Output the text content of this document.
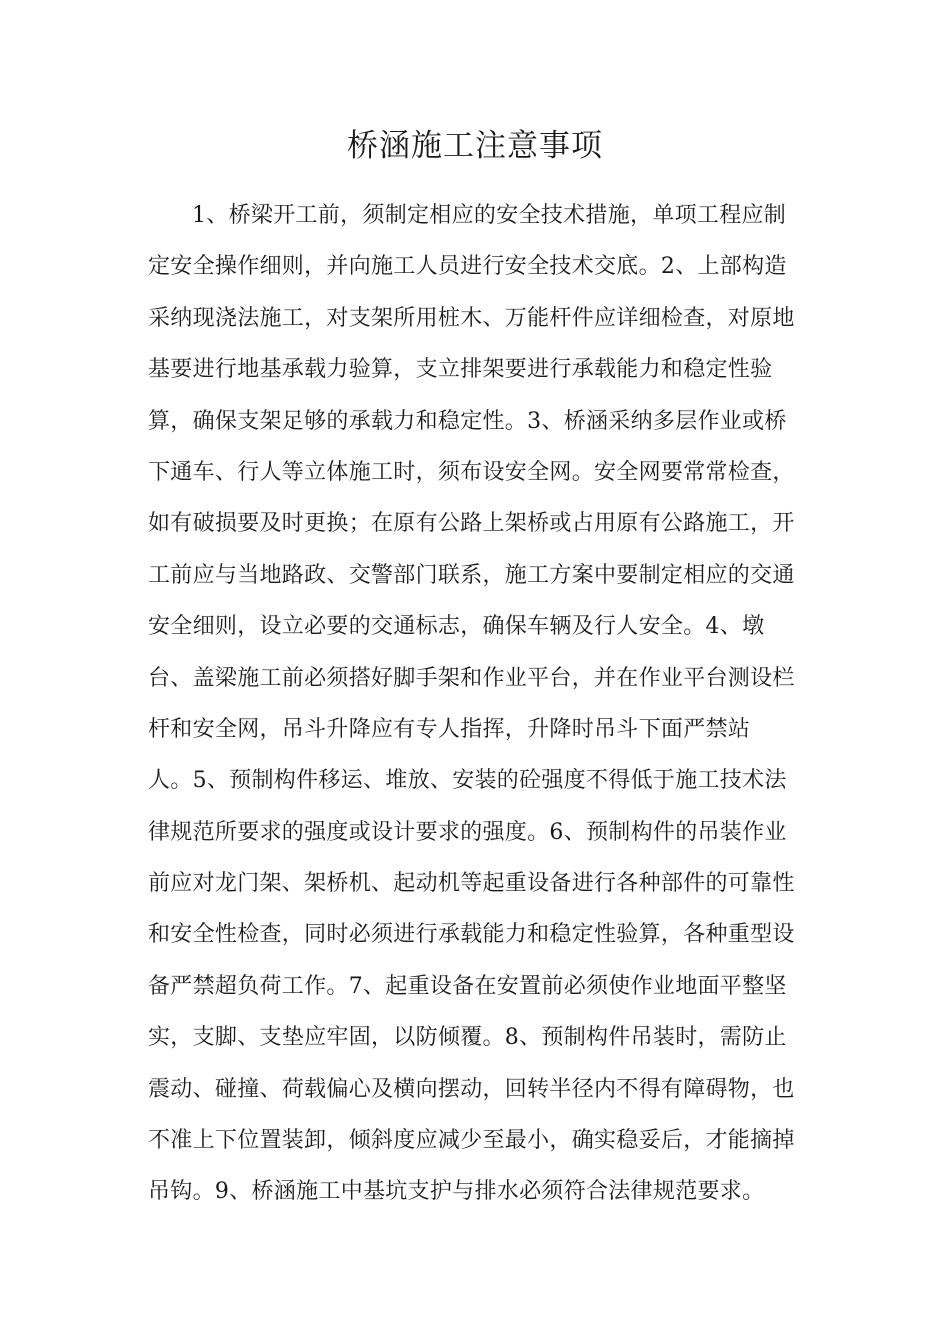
桥涵施工注意事项
1、桥梁开工前，须制定相应的安全技术措施，单项工程应制
定安全操作细则，并向施工人员进行安全技术交底。2、上部构造
采纳现浇法施工，对支架所用桩木、万能杆件应详细检查，对原地
基要进行地基承载力验算，支立排架要进行承载能力和稳定性验
算，确保支架足够的承载力和稳定性。3、桥涵采纳多层作业或桥
下通车、行人等立体施工时，须布设安全网。安全网要常常检查，
如有破损要及时更换；在原有公路上架桥或占用原有公路施工，开
工前应与当地路政、交警部门联系，施工方案中要制定相应的交通
安全细则，设立必要的交通标志，确保车辆及行人安全。4、墩
台、盖梁施工前必须搭好脚手架和作业平台，并在作业平台测设栏
杆和安全网，吊斗升降应有专人指挥，升降时吊斗下面严禁站
人。5、预制构件移运、堆放、安装的砼强度不得低于施工技术法
律规范所要求的强度或设计要求的强度。6、预制构件的吊装作业
前应对龙门架、架桥机、起动机等起重设备进行各种部件的可靠性
和安全性检查，同时必须进行承载能力和稳定性验算，各种重型设
备严禁超负荷工作。7、起重设备在安置前必须使作业地面平整坚
实，支脚、支垫应牢固，以防倾覆。8、预制构件吊装时，需防止
震动、碰撞、荷载偏心及横向摆动，回转半径内不得有障碍物，也
不准上下位置装卸，倾斜度应减少至最小，确实稳妥后，才能摘掉
吊钩。9、桥涵施工中基坑支护与排水必须符合法律规范要求。
